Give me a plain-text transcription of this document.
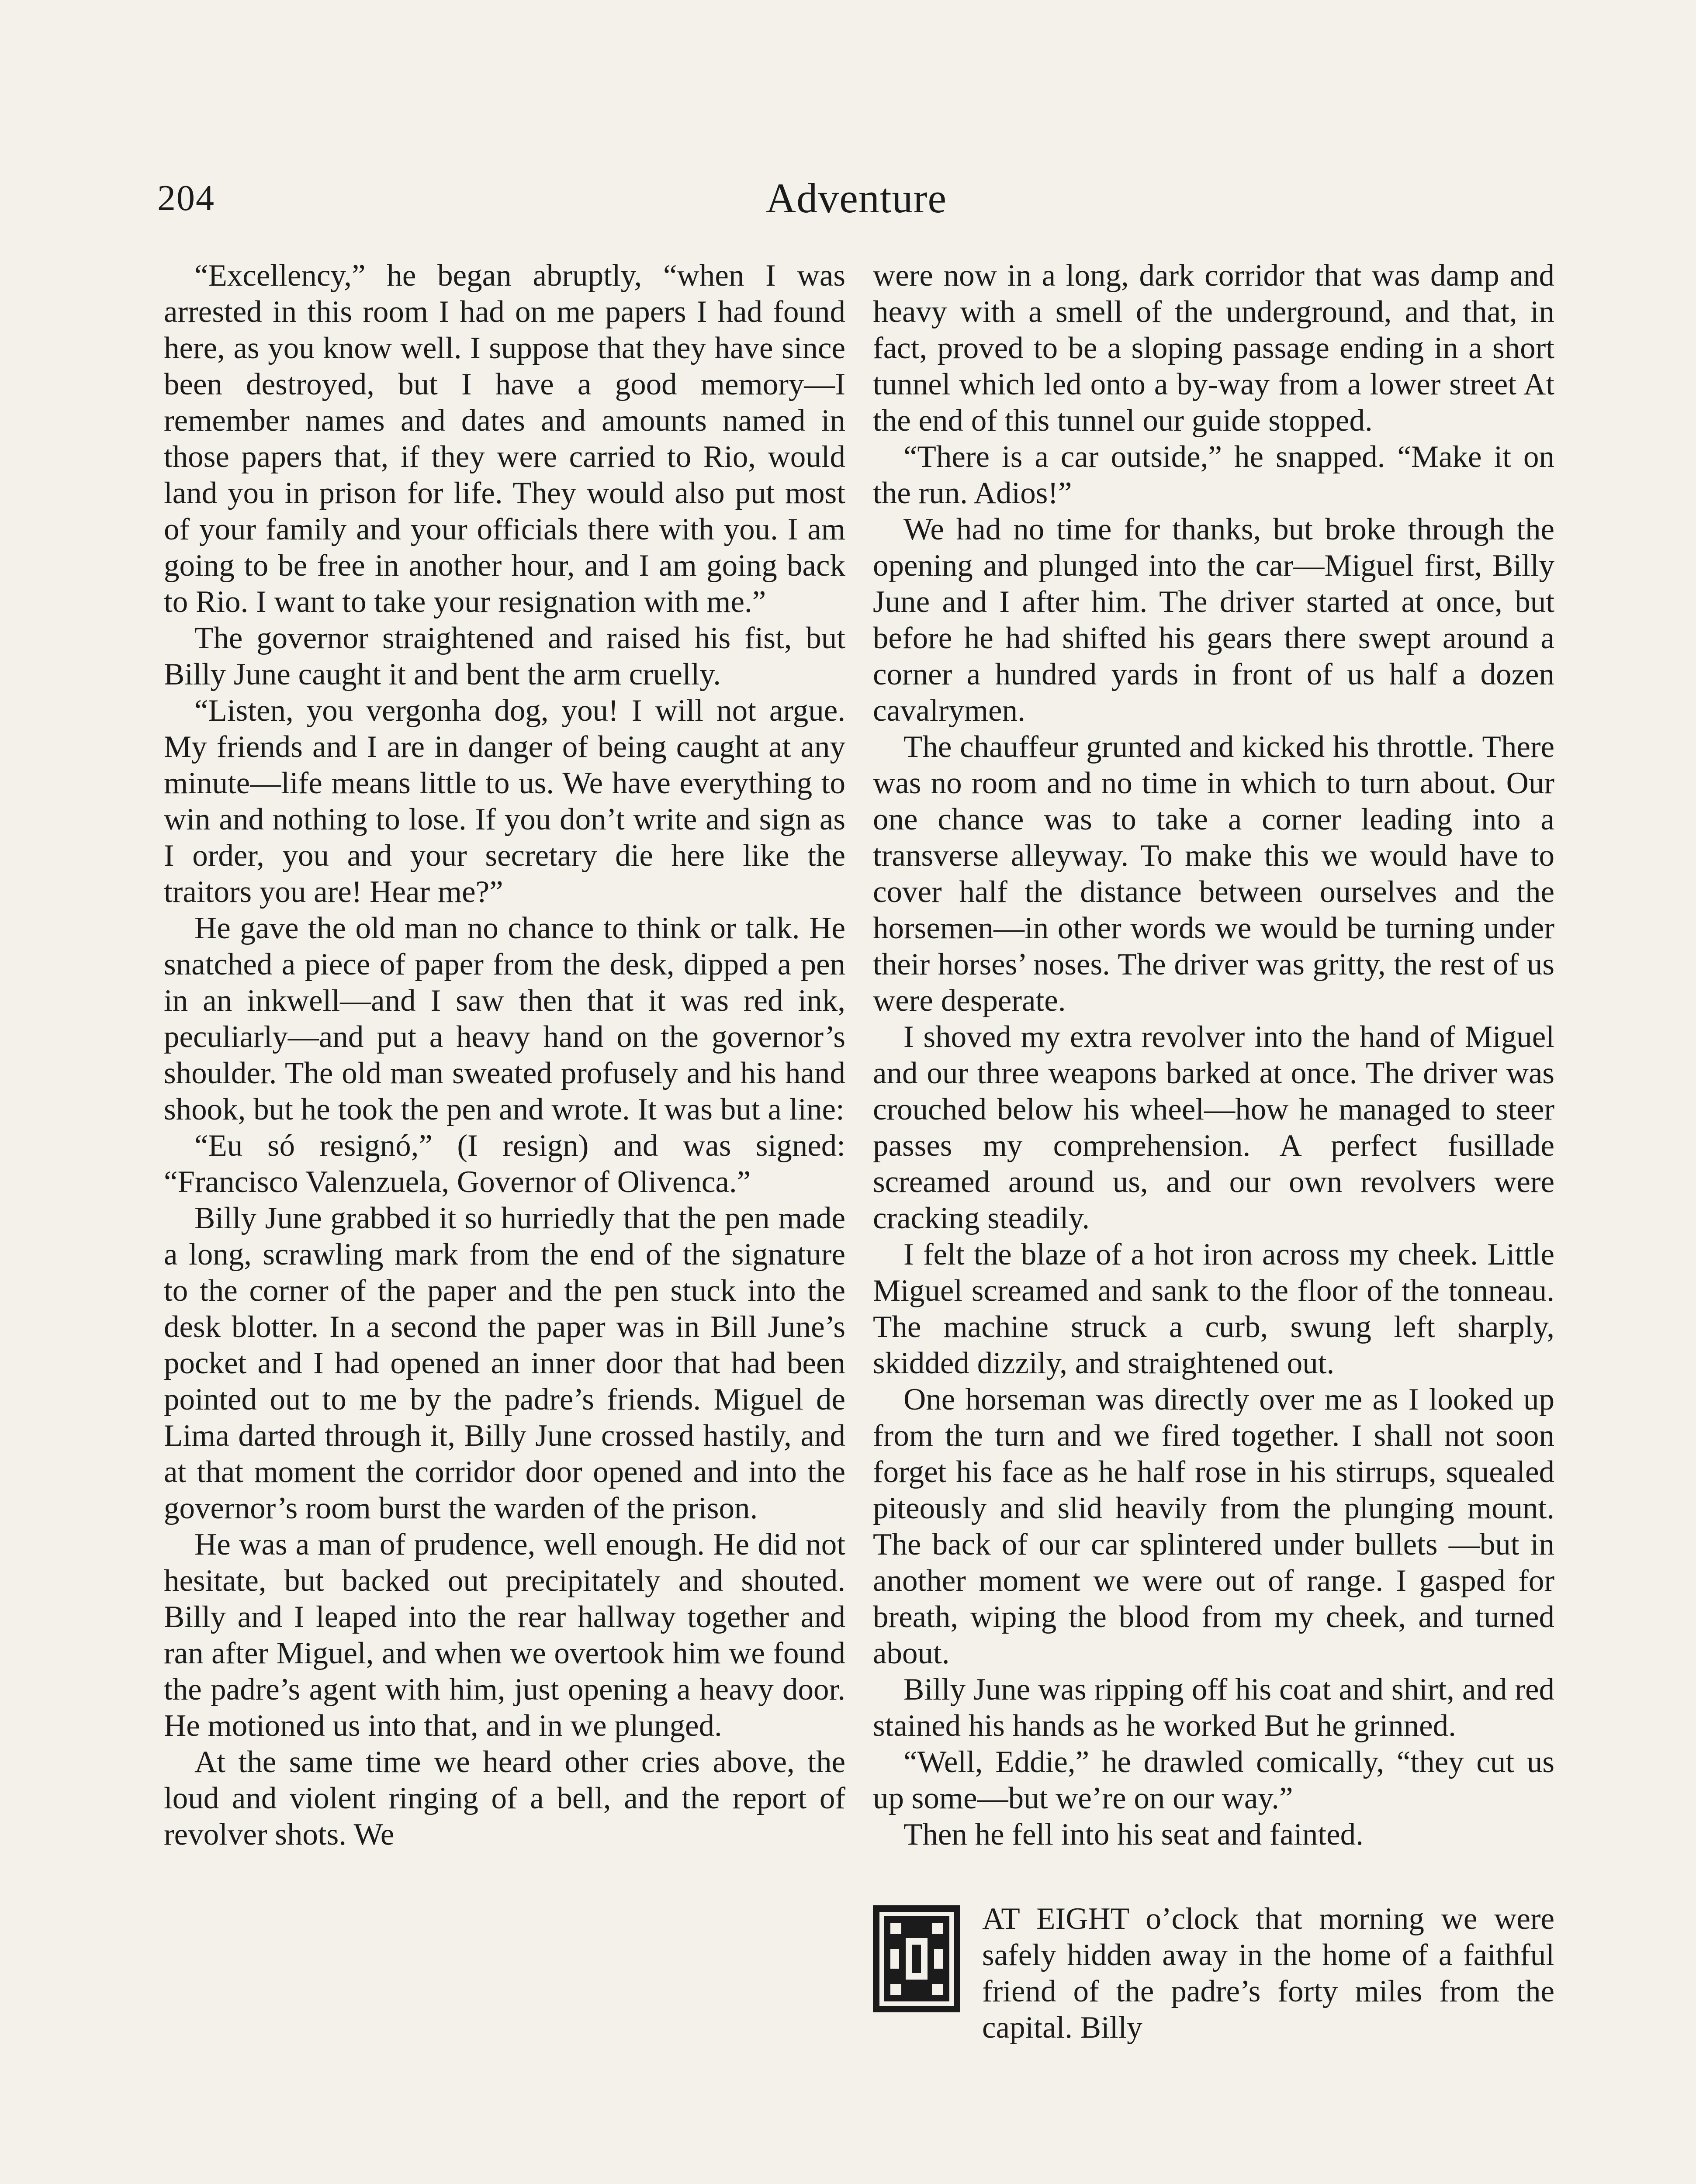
204	Adventure

“Excellency,” he began abruptly, “when I was arrested in this room I had on me papers I had found here, as you know well. I suppose that they have since been destroyed, but I have a good memory—I remember names and dates and amounts named in those papers that, if they were carried to Rio, would land you in prison for life. They would also put most of your family and your officials there with you. I am going to be free in another hour, and I am going back to Rio. I want to take your resignation with me.”

The governor straightened and raised his fist, but Billy June caught it and bent the arm cruelly.

“Listen, you vergonha dog, you! I will not argue. My friends and I are in danger of being caught at any minute—life means little to us. We have everything to win and nothing to lose. If you don’t write and sign as I order, you and your secretary die here like the traitors you are! Hear me?”

He gave the old man no chance to think or talk. He snatched a piece of paper from the desk, dipped a pen in an inkwell—and I saw then that it was red ink, peculiarly—and put a heavy hand on the governor’s shoulder. The old man sweated profusely and his hand shook, but he took the pen and wrote. It was but a line:

“Eu só resignó,” (I resign) and was signed: “Francisco Valenzuela, Governor of Olivenca.”

Billy June grabbed it so hurriedly that the pen made a long, scrawling mark from the end of the signature to the corner of the paper and the pen stuck into the desk blotter. In a second the paper was in Bill June’s pocket and I had opened an inner door that had been pointed out to me by the padre’s friends. Miguel de Lima darted through it, Billy June crossed hastily, and at that moment the corridor door opened and into the governor’s room burst the warden of the prison.

He was a man of prudence, well enough. He did not hesitate, but backed out precipitately and shouted. Billy and I leaped into the rear hallway together and ran after Miguel, and when we overtook him we found the padre’s agent with him, just opening a heavy door. He motioned us into that, and in we plunged.

At the same time we heard other cries above, the loud and violent ringing of a bell, and the report of revolver shots. We

were now in a long, dark corridor that was damp and heavy with a smell of the underground, and that, in fact, proved to be a sloping passage ending in a short tunnel which led onto a by-way from a lower street At the end of this tunnel our guide stopped.

“There is a car outside,” he snapped. “Make it on the run. Adios!”

We had no time for thanks, but broke through the opening and plunged into the car—Miguel first, Billy June and I after him. The driver started at once, but before he had shifted his gears there swept around a corner a hundred yards in front of us half a dozen cavalrymen.

The chauffeur grunted and kicked his throttle. There was no room and no time in which to turn about. Our one chance was to take a corner leading into a transverse alleyway. To make this we would have to cover half the distance between ourselves and the horsemen—in other words we would be turning under their horses’ noses. The driver was gritty, the rest of us were desperate.

I shoved my extra revolver into the hand of Miguel and our three weapons barked at once. The driver was crouched below his wheel—how he managed to steer passes my comprehension. A perfect fusillade screamed around us, and our own revolvers were cracking steadily.

I felt the blaze of a hot iron across my cheek. Little Miguel screamed and sank to the floor of the tonneau. The machine struck a curb, swung left sharply, skidded dizzily, and straightened out.

One horseman was directly over me as I looked up from the turn and we fired together. I shall not soon forget his face as he half rose in his stirrups, squealed piteously and slid heavily from the plunging mount. The back of our car splintered under bullets —but in another moment we were out of range. I gasped for breath, wiping the blood from my cheek, and turned about.

Billy June was ripping off his coat and shirt, and red stained his hands as he worked But he grinned.

“Well, Eddie,” he drawled comically, “they cut us up some—but we’re on our way.”

Then he fell into his seat and fainted.

AT EIGHT o’clock that morning we were safely hidden away in the home of a faithful friend of the padre’s forty miles from the capital. Billy
